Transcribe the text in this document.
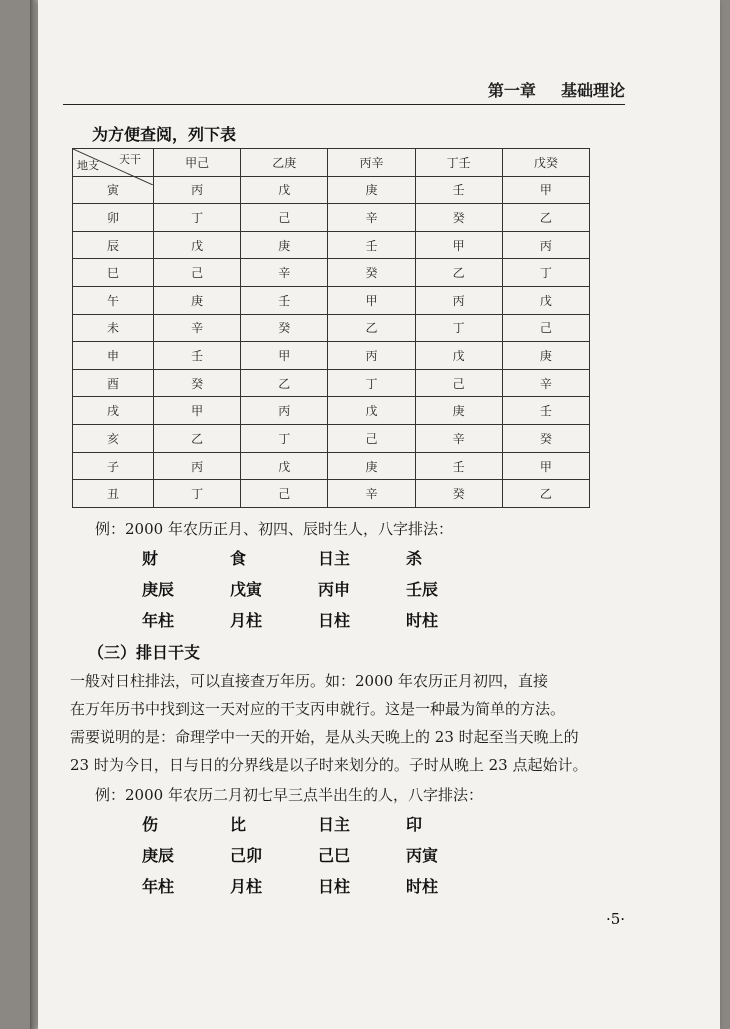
第一章 基础理论
为方便查阅，列下表
天干
地支	甲己	乙庚	丙辛	丁壬	戊癸
寅	丙	戊	庚	壬	甲
卯	丁	己	辛	癸	乙
辰	戊	庚	壬	甲	丙
巳	己	辛	癸	乙	丁
午	庚	壬	甲	丙	戊
未	辛	癸	乙	丁	己
申	壬	甲	丙	戊	庚
酉	癸	乙	丁	己	辛
戌	甲	丙	戊	庚	壬
亥	乙	丁	己	辛	癸
子	丙	戊	庚	壬	甲
丑	丁	己	辛	癸	乙
例：2000 年农历正月、初四、辰时生人，八字排法：
财	食	日主	杀
庚辰	戊寅	丙申	壬辰
年柱	月柱	日柱	时柱
（三）排日干支
一般对日柱排法，可以直接查万年历。如：2000 年农历正月初四，直接
在万年历书中找到这一天对应的干支丙申就行。这是一种最为简单的方法。
需要说明的是：命理学中一天的开始，是从头天晚上的 23 时起至当天晚上的
23 时为今日，日与日的分界线是以子时来划分的。子时从晚上 23 点起始计。
例：2000 年农历二月初七早三点半出生的人，八字排法：
伤	比	日主	印
庚辰	己卯	己巳	丙寅
年柱	月柱	日柱	时柱
·5·
